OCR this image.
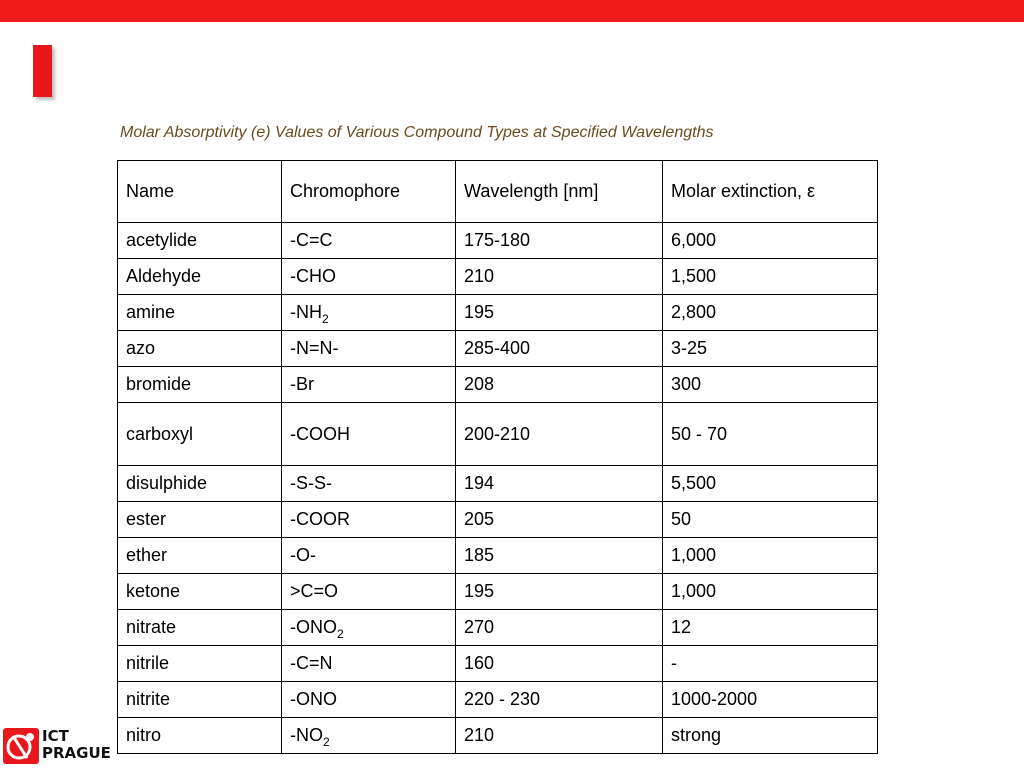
Molar Absorptivity (e) Values of Various Compound Types at Specified Wavelengths
Name	Chromophore	Wavelength [nm]	Molar extinction, ε
acetylide	-C=C	175-180	6,000
Aldehyde	-CHO	210	1,500
amine	$-NH_2$	195	2,800
azo	-N=N-	285-400	3-25
bromide	-Br	208	300
carboxyl	-COOH	200-210	50 - 70
disulphide	-S-S-	194	5,500
ester	-COOR	205	50
ether	-O-	185	1,000
ketone	>C=O	195	1,000
nitrate	$-ONO_2$	270	12
nitrile	-C=N	160	-
nitrite	-ONO	220 - 230	1000-2000
nitro	$-NO_2$	210	strong
ICT
PRAGUE
